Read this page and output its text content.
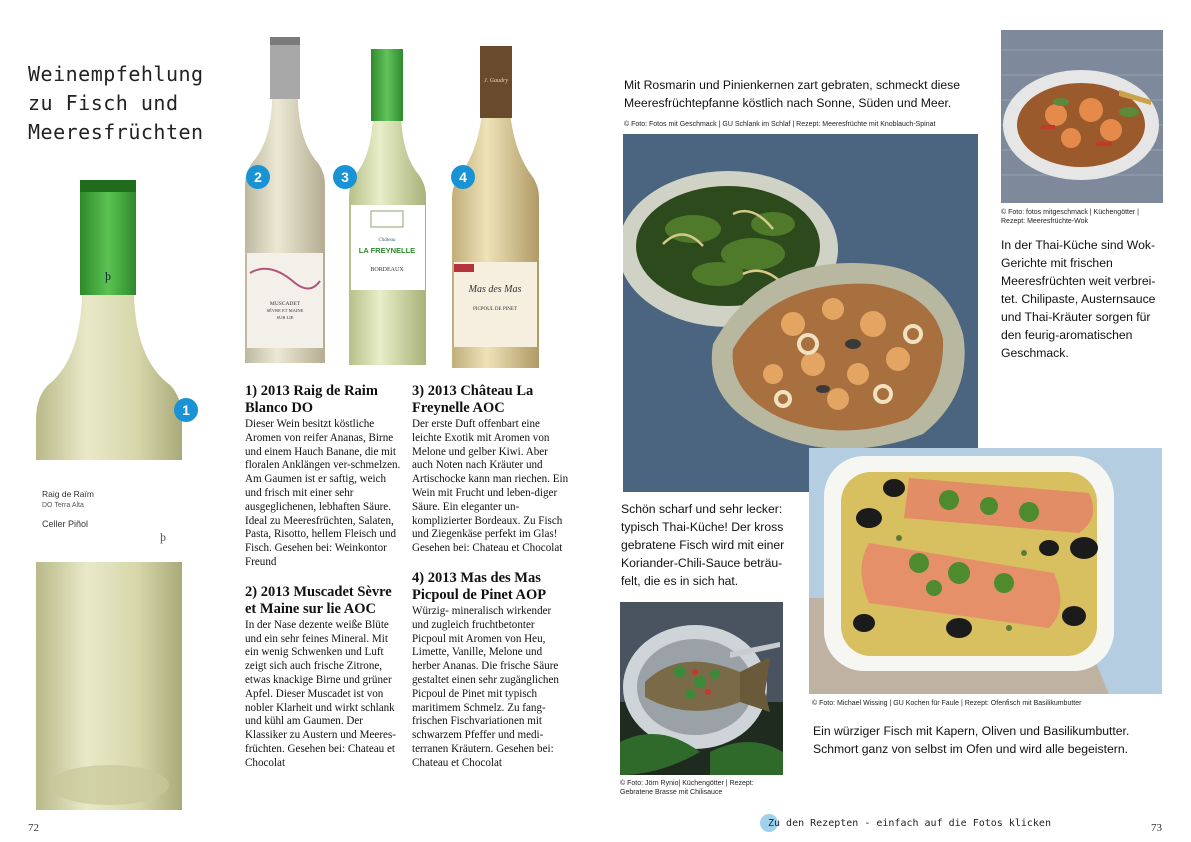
Weinempfehlung
zu Fisch und
Meeresfrüchten
þ
Raig de Raïm
DO Terra Alta
Celler Piñol
þ
1
MUSCADET
SÈVRE ET MAINE
SUR LIE
2
Château
LA FREYNELLE
BORDEAUX
3
J. Gaudry
Mas des Mas
PICPOUL DE PINET
4
1) 2013 Raig de Raim Blanco DO
Dieser Wein besitzt köstliche Aromen von reifer Ananas, Birne und einem Hauch Banane, die mit floralen Anklängen ver-schmelzen. Am Gaumen ist er saftig, weich und frisch mit einer sehr ausgeglichenen, lebhaften Säure. Ideal zu Meeresfrüchten, Salaten, Pasta, Risotto, hellem Fleisch und Fisch. Gesehen bei: Weinkontor Freund
2) 2013 Muscadet Sèvre et Maine sur lie AOC
In der Nase dezente weiße Blüte und ein sehr feines Mineral. Mit ein wenig Schwenken und Luft zeigt sich auch frische Zitrone, etwas knackige Birne und grüner Apfel. Dieser Muscadet ist von nobler Klarheit und wirkt schlank und kühl am Gaumen. Der Klassiker zu Austern und Meeres-früchten. Gesehen bei: Chateau et Chocolat
3) 2013 Château La Freynelle AOC
Der erste Duft offenbart eine leichte Exotik mit Aromen von Melone und gelber Kiwi. Aber auch Noten nach Kräuter und Artischocke kann man riechen. Ein Wein mit Frucht und leben-diger Säure. Ein eleganter un-komplizierter Bordeaux. Zu Fisch und Ziegenkäse perfekt im Glas! Gesehen bei: Chateau et Chocolat
4) 2013 Mas des Mas Picpoul de Pinet AOP
Würzig- mineralisch wirkender und zugleich fruchtbetonter Picpoul mit Aromen von Heu, Limette, Vanille, Melone und herber Ananas. Die frische Säure gestaltet einen sehr zugänglichen Picpoul de Pinet mit typisch maritimem Schmelz. Zu fang-frischen Fischvariationen mit schwarzem Pfeffer und medi-terranen Kräutern. Gesehen bei: Chateau et Chocolat
72
Mit Rosmarin und Pinienkernen zart gebraten, schmeckt diese Meeresfrüchtepfanne köstlich nach Sonne, Süden und Meer.
© Foto: Fotos mit Geschmack | GU Schlank im Schlaf | Rezept: Meeresfrüchte mit Knoblauch-Spinat
© Foto: fotos mitgeschmack | Küchengötter | Rezept: Meeresfrüchte-Wok
In der Thai-Küche sind Wok-Gerichte mit frischen Meeresfrüchten weit verbrei-tet. Chilipaste, Austernsauce und Thai-Kräuter sorgen für den feurig-aromatischen Geschmack.
Schön scharf und sehr lecker: typisch Thai-Küche! Der kross gebratene Fisch wird mit einer Koriander-Chili-Sauce beträu-felt, die es in sich hat.
© Foto: Jörn Rynio| Küchengötter | Rezept: Gebratene Brasse mit Chilisauce
© Foto: Michael Wissing | GU Kochen für Faule | Rezept: Ofenfisch mit Basilikumbutter
Ein würziger Fisch mit Kapern, Oliven und Basilikumbutter. Schmort ganz von selbst im Ofen und wird alle begeistern.
Zu den Rezepten - einfach auf die Fotos klicken	73
